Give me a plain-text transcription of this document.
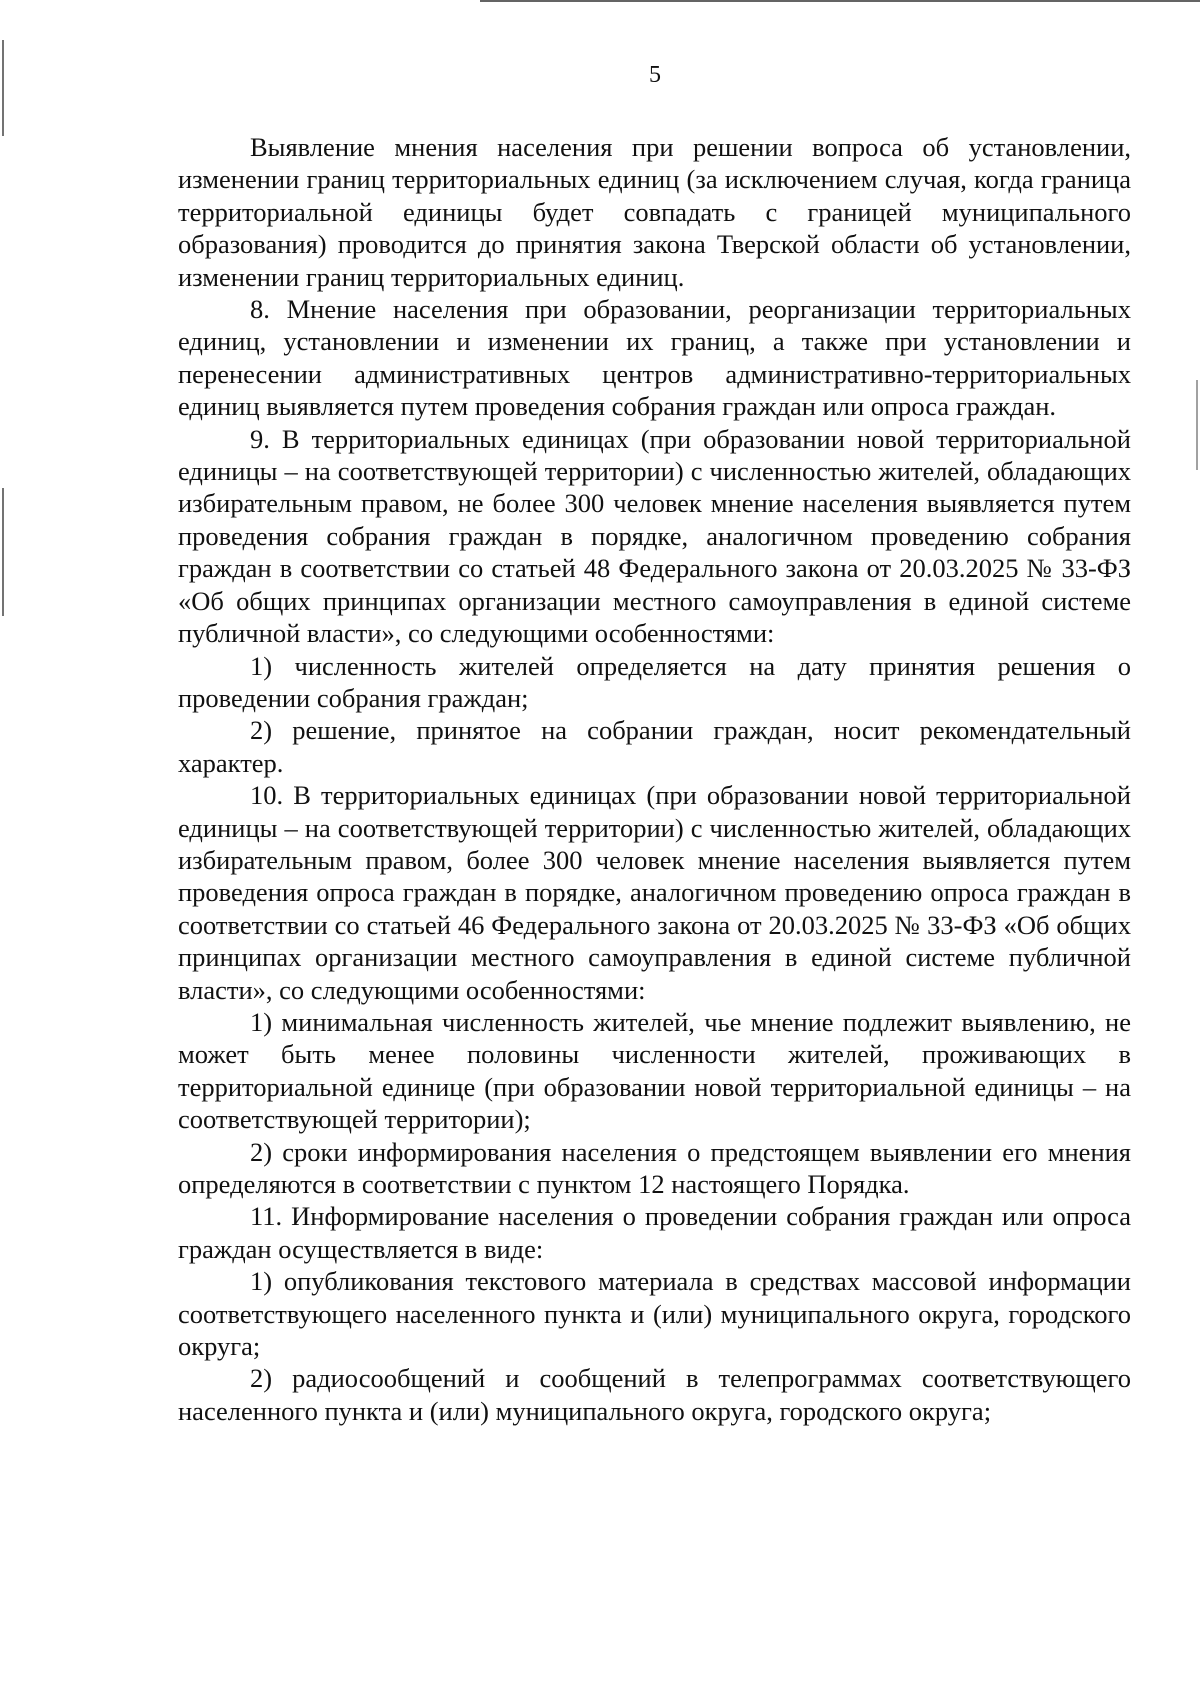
5

Выявление мнения населения при решении вопроса об установлении, изменении границ территориальных единиц (за исключением случая, когда граница территориальной единицы будет совпадать с границей муниципального образования) проводится до принятия закона Тверской области об установлении, изменении границ территориальных единиц.

8. Мнение населения при образовании, реорганизации территориальных единиц, установлении и изменении их границ, а также при установлении и перенесении административных центров административно-территориальных единиц выявляется путем проведения собрания граждан или опроса граждан.

9. В территориальных единицах (при образовании новой территориальной единицы – на соответствующей территории) с численностью жителей, обладающих избирательным правом, не более 300 человек мнение населения выявляется путем проведения собрания граждан в порядке, аналогичном проведению собрания граждан в соответствии со статьей 48 Федерального закона от 20.03.2025 № 33-ФЗ «Об общих принципах организации местного самоуправления в единой системе публичной власти», со следующими особенностями:

1) численность жителей определяется на дату принятия решения о проведении собрания граждан;

2) решение, принятое на собрании граждан, носит рекомендательный характер.

10. В территориальных единицах (при образовании новой территориальной единицы – на соответствующей территории) с численностью жителей, обладающих избирательным правом, более 300 человек мнение населения выявляется путем проведения опроса граждан в порядке, аналогичном проведению опроса граждан в соответствии со статьей 46 Федерального закона от 20.03.2025 № 33-ФЗ «Об общих принципах организации местного самоуправления в единой системе публичной власти», со следующими особенностями:

1) минимальная численность жителей, чье мнение подлежит выявлению, не может быть менее половины численности жителей, проживающих в территориальной единице (при образовании новой территориальной единицы – на соответствующей территории);

2) сроки информирования населения о предстоящем выявлении его мнения определяются в соответствии с пунктом 12 настоящего Порядка.

11. Информирование населения о проведении собрания граждан или опроса граждан осуществляется в виде:

1) опубликования текстового материала в средствах массовой информации соответствующего населенного пункта и (или) муниципального округа, городского округа;

2) радиосообщений и сообщений в телепрограммах соответствующего населенного пункта и (или) муниципального округа, городского округа;
